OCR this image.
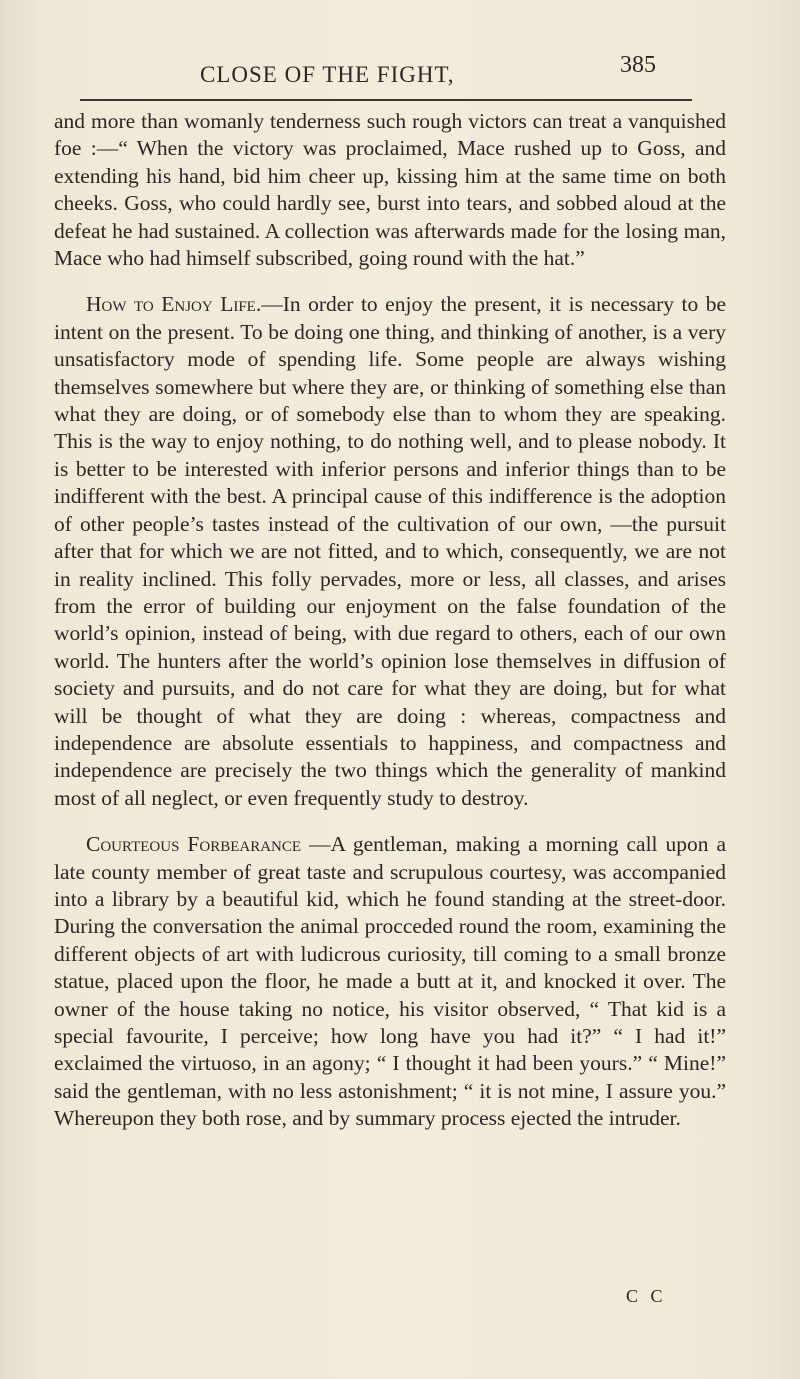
CLOSE OF THE FIGHT,	385

and more than womanly tenderness such rough victors can treat a vanquished foe :—“ When the victory was proclaimed, Mace rushed up to Goss, and extending his hand, bid him cheer up, kissing him at the same time on both cheeks. Goss, who could hardly see, burst into tears, and sobbed aloud at the defeat he had sustained. A collection was afterwards made for the losing man, Mace who had himself subscribed, going round with the hat.”

How to Enjoy Life.—In order to enjoy the present, it is necessary to be intent on the present. To be doing one thing, and thinking of another, is a very unsatisfactory mode of spending life. Some people are always wishing themselves somewhere but where they are, or thinking of something else than what they are doing, or of somebody else than to whom they are speaking. This is the way to enjoy nothing, to do nothing well, and to please nobody. It is better to be interested with inferior persons and inferior things than to be indifferent with the best. A principal cause of this indifference is the adoption of other people’s tastes instead of the cultivation of our own, —the pursuit after that for which we are not fitted, and to which, consequently, we are not in reality inclined. This folly pervades, more or less, all classes, and arises from the error of building our enjoyment on the false foundation of the world’s opinion, instead of being, with due regard to others, each of our own world. The hunters after the world’s opinion lose themselves in diffusion of society and pursuits, and do not care for what they are doing, but for what will be thought of what they are doing : whereas, compactness and independence are absolute essentials to happiness, and compactness and independence are precisely the two things which the generality of mankind most of all neglect, or even frequently study to destroy.

Courteous Forbearance —A gentleman, making a morning call upon a late county member of great taste and scrupulous courtesy, was accompanied into a library by a beautiful kid, which he found standing at the street-door. During the conversation the animal procceded round the room, examining the different objects of art with ludicrous curiosity, till coming to a small bronze statue, placed upon the floor, he made a butt at it, and knocked it over. The owner of the house taking no notice, his visitor observed, “ That kid is a special favourite, I perceive; how long have you had it?” “ I had it!” exclaimed the virtuoso, in an agony; “ I thought it had been yours.” “ Mine!” said the gentleman, with no less astonishment; “ it is not mine, I assure you.” Whereupon they both rose, and by summary process ejected the intruder.

C C
